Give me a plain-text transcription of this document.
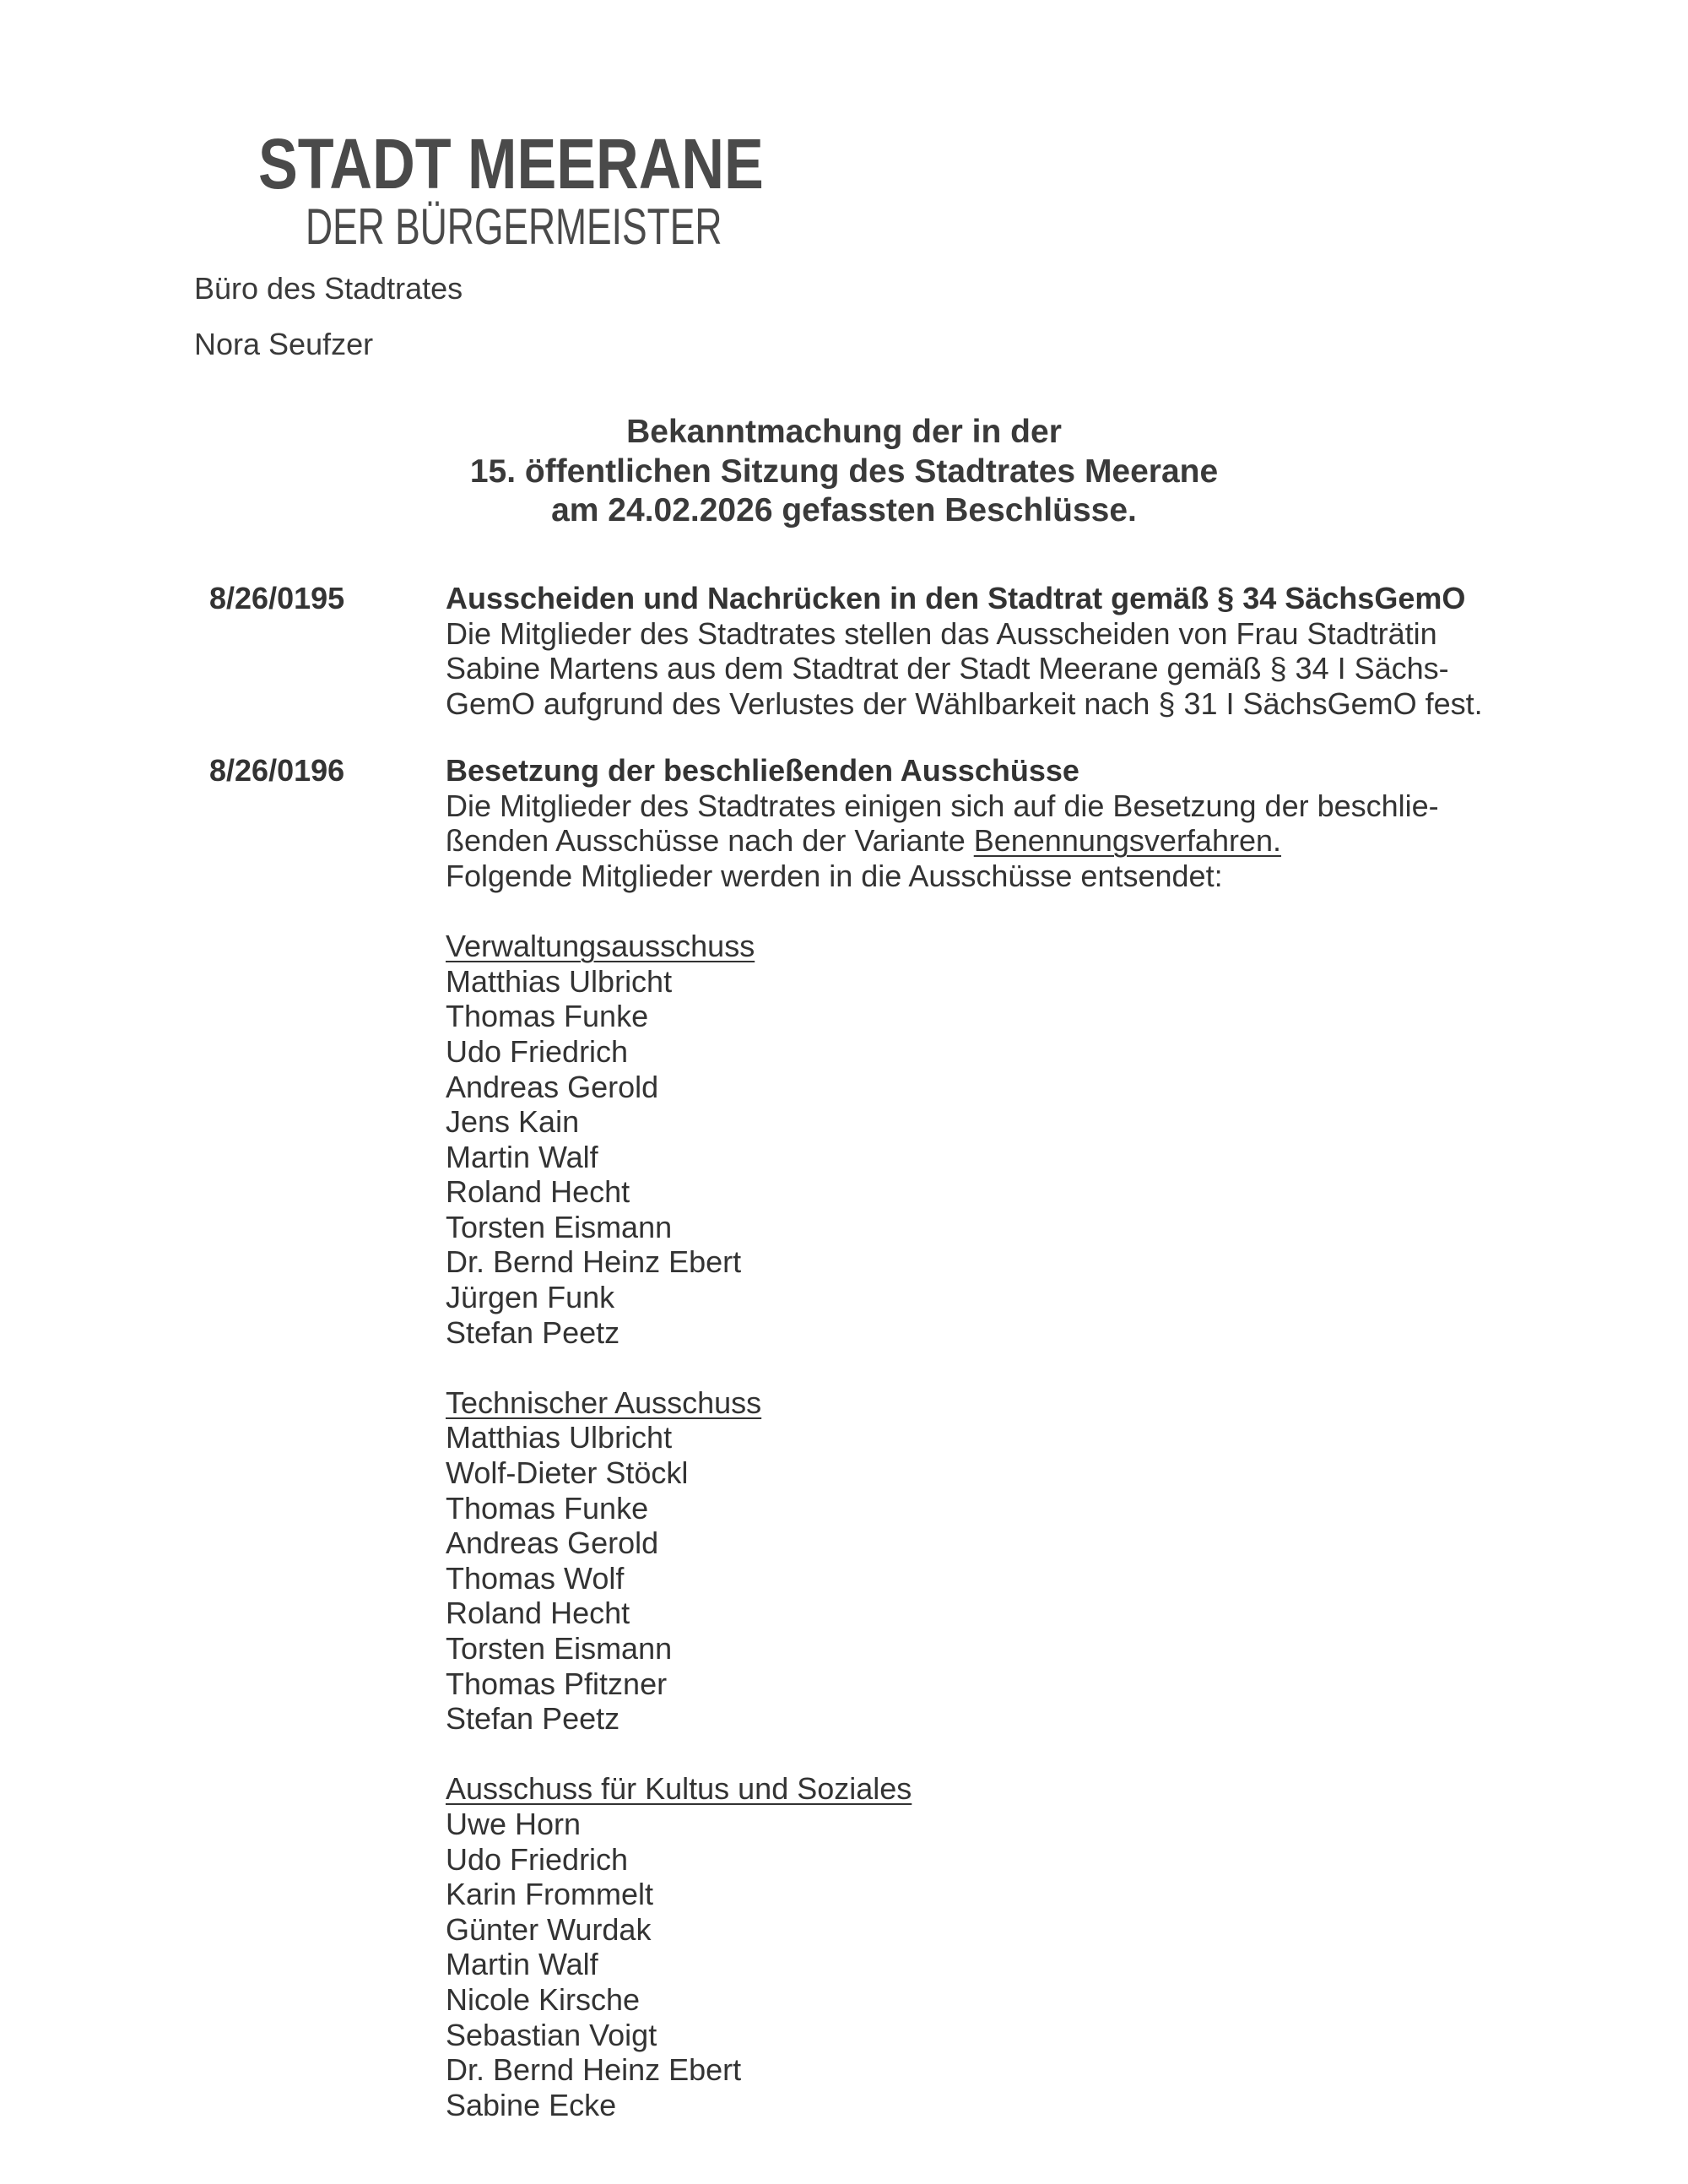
STADT MEERANE
DER BÜRGERMEISTER
Büro des Stadtrates
Nora Seufzer
Bekanntmachung der in der
15. öffentlichen Sitzung des Stadtrates Meerane
am 24.02.2026 gefassten Beschlüsse.
8/26/0195	Ausscheiden und Nachrücken in den Stadtrat gemäß § 34 SächsGemO
Die Mitglieder des Stadtrates stellen das Ausscheiden von Frau Stadträtin
Sabine Martens aus dem Stadtrat der Stadt Meerane gemäß § 34 I Sächs-
GemO aufgrund des Verlustes der Wählbarkeit nach § 31 I SächsGemO fest.
8/26/0196	Besetzung der beschließenden Ausschüsse
Die Mitglieder des Stadtrates einigen sich auf die Besetzung der beschlie-
ßenden Ausschüsse nach der Variante Benennungsverfahren.
Folgende Mitglieder werden in die Ausschüsse entsendet:
Verwaltungsausschuss
Matthias Ulbricht
Thomas Funke
Udo Friedrich
Andreas Gerold
Jens Kain
Martin Walf
Roland Hecht
Torsten Eismann
Dr. Bernd Heinz Ebert
Jürgen Funk
Stefan Peetz
Technischer Ausschuss
Matthias Ulbricht
Wolf-Dieter Stöckl
Thomas Funke
Andreas Gerold
Thomas Wolf
Roland Hecht
Torsten Eismann
Thomas Pfitzner
Stefan Peetz
Ausschuss für Kultus und Soziales
Uwe Horn
Udo Friedrich
Karin Frommelt
Günter Wurdak
Martin Walf
Nicole Kirsche
Sebastian Voigt
Dr. Bernd Heinz Ebert
Sabine Ecke
